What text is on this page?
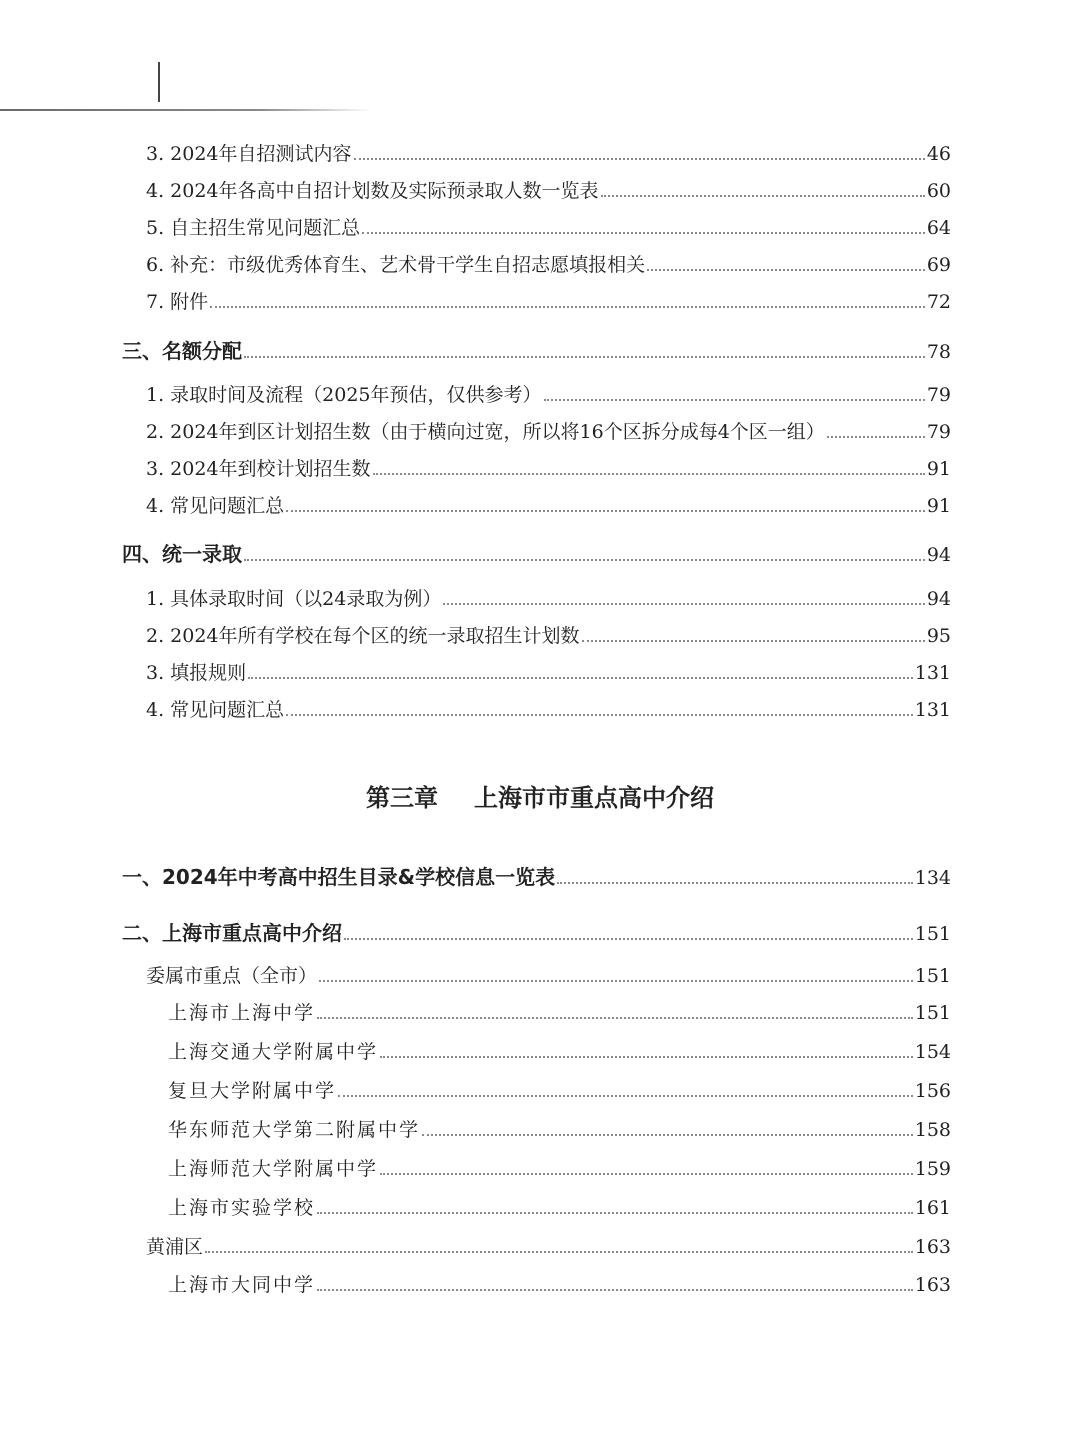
3. 2024年自招测试内容	46
4. 2024年各高中自招计划数及实际预录取人数一览表	60
5. 自主招生常见问题汇总	64
6. 补充：市级优秀体育生、艺术骨干学生自招志愿填报相关	69
7. 附件	72
三、名额分配	78
1. 录取时间及流程（2025年预估，仅供参考）	79
2. 2024年到区计划招生数（由于横向过宽，所以将16个区拆分成每4个区一组）	79
3. 2024年到校计划招生数	91
4. 常见问题汇总	91
四、统一录取	94
1. 具体录取时间（以24录取为例）	94
2. 2024年所有学校在每个区的统一录取招生计划数	95
3. 填报规则	131
4. 常见问题汇总	131
第三章 上海市市重点高中介绍
一、2024年中考高中招生目录&学校信息一览表	134
二、上海市重点高中介绍	151
委属市重点（全市）	151
上海市上海中学	151
上海交通大学附属中学	154
复旦大学附属中学	156
华东师范大学第二附属中学	158
上海师范大学附属中学	159
上海市实验学校	161
黄浦区	163
上海市大同中学	163
